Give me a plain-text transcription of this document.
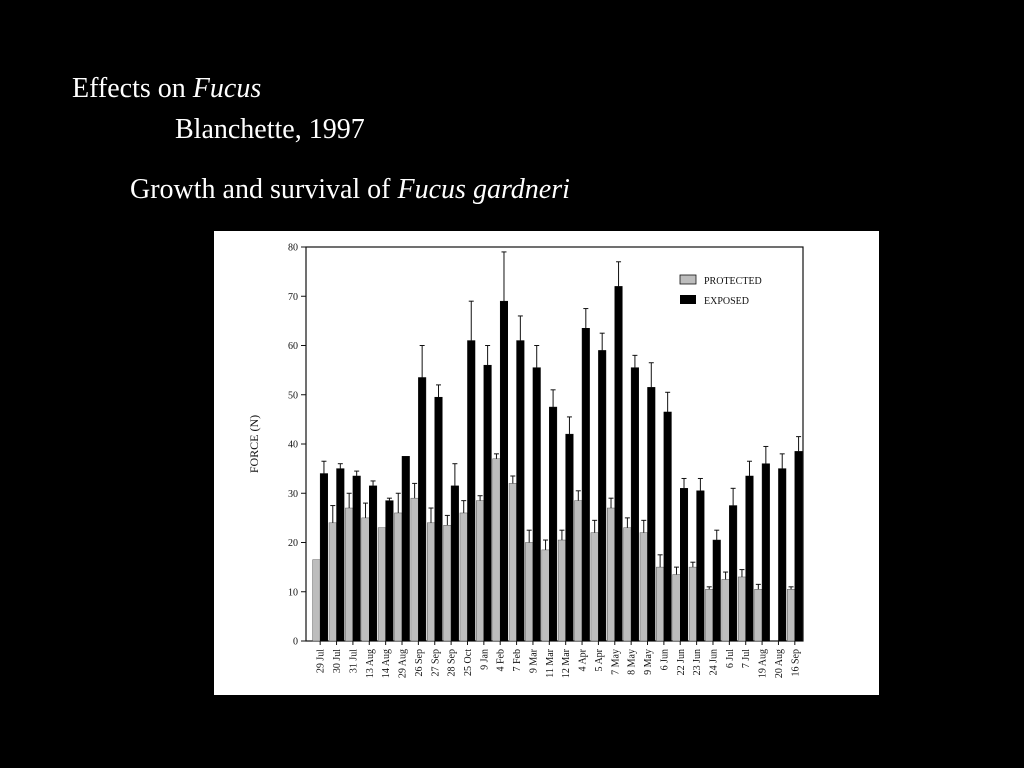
Effects on Fucus
Blanchette, 1997
Growth and survival of Fucus gardneri
0
10
20
30
40
50
60
70
80
29 Jul 30 Jul 31 Jul 13 Aug 14 Aug 29 Aug 26 Sep 27 Sep 28 Sep 25 Oct 9 Jan 4 Feb 7 Feb 9 Mar 11 Mar 12 Mar 4 Apr 5 Apr 7 May 8 May 9 May 6 Jun 22 Jun 23 Jun 24 Jun 6 Jul 7 Jul 19 Aug 20 Aug 16 Sep
FORCE (N)
PROTECTED
EXPOSED
